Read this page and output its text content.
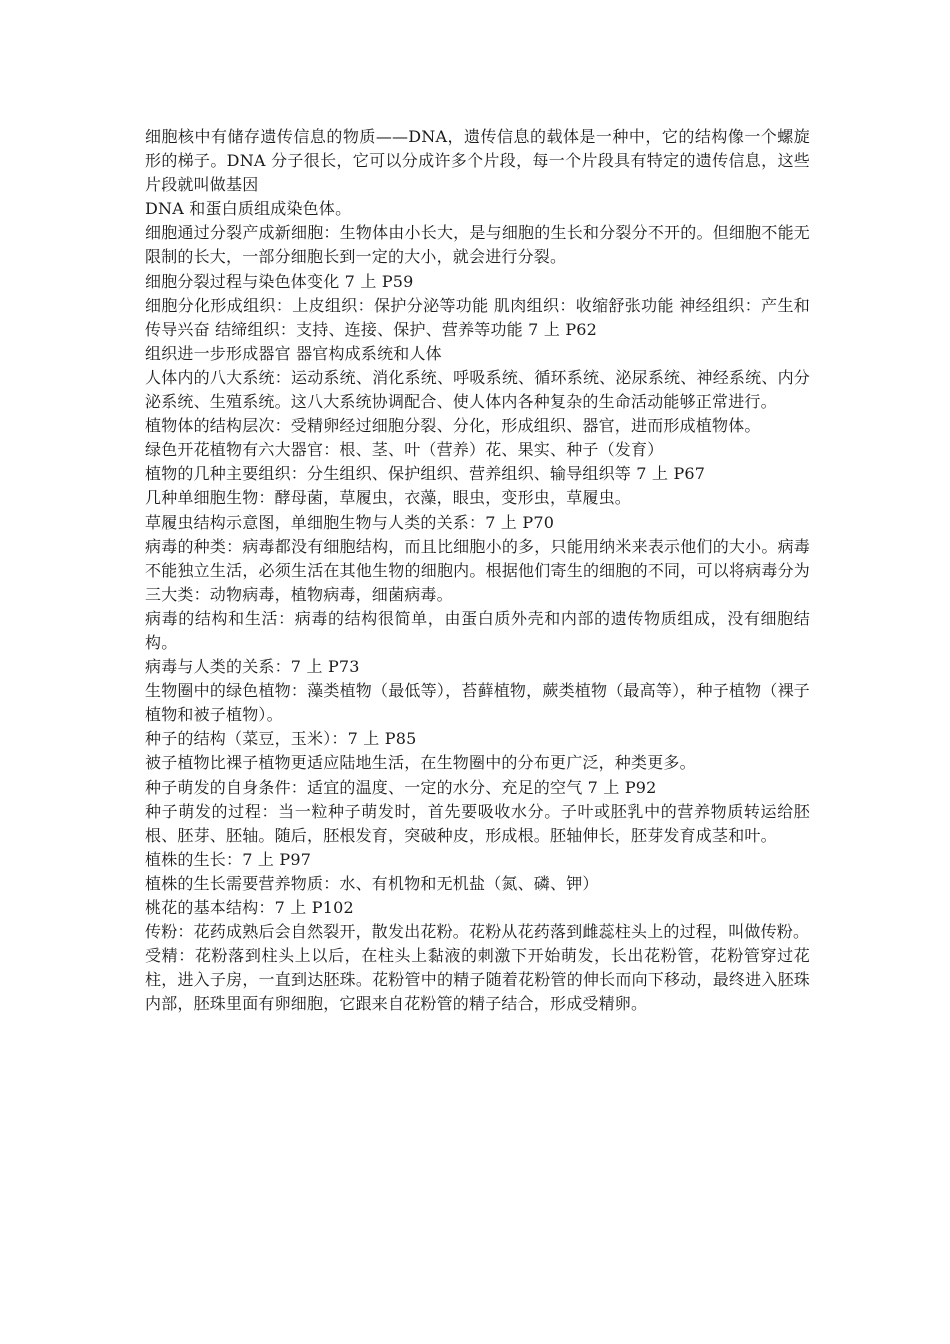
细胞核中有储存遗传信息的物质——DNA，遗传信息的载体是一种中，它的结构像一个螺旋形的梯子。DNA 分子很长，它可以分成许多个片段，每一个片段具有特定的遗传信息，这些片段就叫做基因

DNA 和蛋白质组成染色体。

细胞通过分裂产成新细胞：生物体由小长大，是与细胞的生长和分裂分不开的。但细胞不能无限制的长大，一部分细胞长到一定的大小，就会进行分裂。

细胞分裂过程与染色体变化 7 上 P59

细胞分化形成组织：上皮组织：保护分泌等功能 肌肉组织：收缩舒张功能 神经组织：产生和传导兴奋 结缔组织：支持、连接、保护、营养等功能 7 上 P62

组织进一步形成器官 器官构成系统和人体

人体内的八大系统：运动系统、消化系统、呼吸系统、循环系统、泌尿系统、神经系统、内分泌系统、生殖系统。这八大系统协调配合、使人体内各种复杂的生命活动能够正常进行。

植物体的结构层次：受精卵经过细胞分裂、分化，形成组织、器官，进而形成植物体。

绿色开花植物有六大器官：根、茎、叶（营养）花、果实、种子（发育）

植物的几种主要组织：分生组织、保护组织、营养组织、输导组织等 7 上 P67

几种单细胞生物：酵母菌，草履虫，衣藻，眼虫，变形虫，草履虫。

草履虫结构示意图，单细胞生物与人类的关系：7 上 P70

病毒的种类：病毒都没有细胞结构，而且比细胞小的多，只能用纳米来表示他们的大小。病毒不能独立生活，必须生活在其他生物的细胞内。根据他们寄生的细胞的不同，可以将病毒分为三大类：动物病毒，植物病毒，细菌病毒。

病毒的结构和生活：病毒的结构很简单，由蛋白质外壳和内部的遗传物质组成，没有细胞结构。

病毒与人类的关系：7 上 P73

生物圈中的绿色植物：藻类植物（最低等），苔藓植物，蕨类植物（最高等），种子植物（裸子植物和被子植物）。

种子的结构（菜豆，玉米）：7 上 P85

被子植物比裸子植物更适应陆地生活，在生物圈中的分布更广泛，种类更多。

种子萌发的自身条件：适宜的温度、一定的水分、充足的空气 7 上 P92

种子萌发的过程：当一粒种子萌发时，首先要吸收水分。子叶或胚乳中的营养物质转运给胚根、胚芽、胚轴。随后，胚根发育，突破种皮，形成根。胚轴伸长，胚芽发育成茎和叶。

植株的生长：7 上 P97

植株的生长需要营养物质：水、有机物和无机盐（氮、磷、钾）

桃花的基本结构：7 上 P102

传粉：花药成熟后会自然裂开，散发出花粉。花粉从花药落到雌蕊柱头上的过程，叫做传粉。

受精：花粉落到柱头上以后，在柱头上黏液的刺激下开始萌发，长出花粉管，花粉管穿过花柱，进入子房，一直到达胚珠。花粉管中的精子随着花粉管的伸长而向下移动，最终进入胚珠内部，胚珠里面有卵细胞，它跟来自花粉管的精子结合，形成受精卵。
